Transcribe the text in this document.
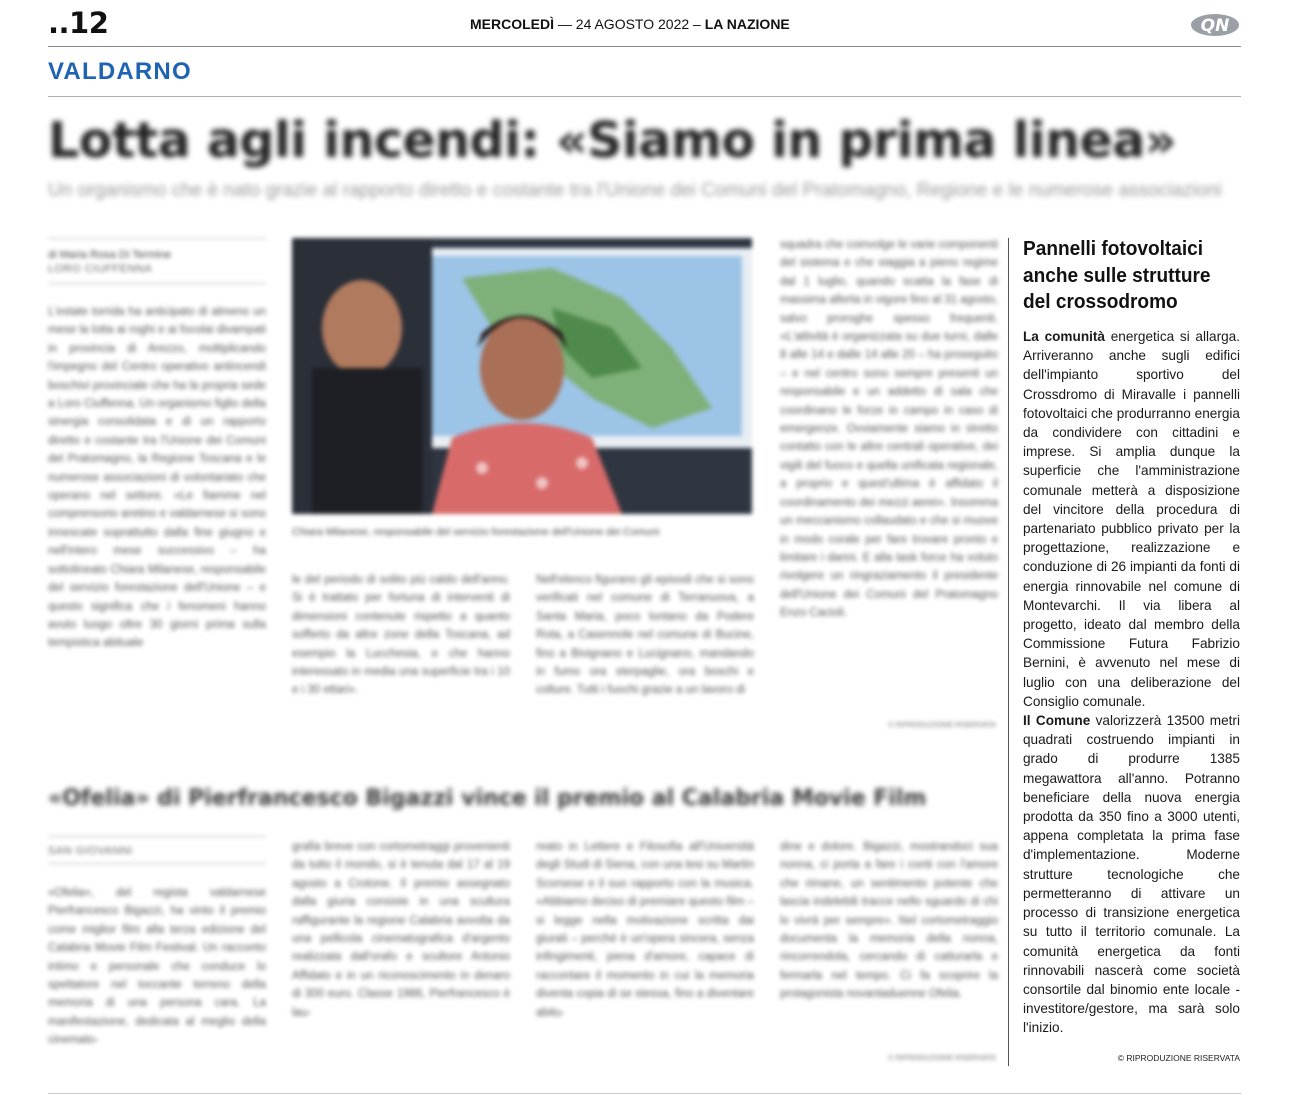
..12	MERCOLEDÌ — 24 AGOSTO 2022 – LA NAZIONE	QN
VALDARNO
Lotta agli incendi: «Siamo in prima linea»
Un organismo che è nato grazie al rapporto diretto e costante tra l'Unione dei Comuni del Pratomagno, Regione e le numerose associazioni
di Maria Rosa Di Termine
LORO CIUFFENNA
L'estate torrida ha anticipato di almeno un mese la lotta ai roghi e ai focolai divampati in provincia di Arezzo, moltiplicando l'impegno del Centro operativo antincendi boschivi provinciale che ha la propria sede a Loro Ciuffenna. Un organismo figlio della sinergia consolidata e di un rapporto diretto e costante tra l'Unione dei Comuni del Pratomagno, la Regione Toscana e le numerose associazioni di volontariato che operano nel settore. «Le fiamme nel comprensorio aretino e valdarnese si sono innescate soprattutto dalla fine giugno e nell'intero mese successivo – ha sottolineato Chiara Milanese, responsabile del servizio forestazione dell'Unione – e questo significa che i fenomeni hanno avuto luogo oltre 30 giorni prima sulla tempistica abituale
Chiara Milanese, responsabile del servizio forestazione dell'Unione dei Comuni
le del periodo di solito più caldo dell'anno. Si è trattato per fortuna di interventi di dimensioni contenute rispetto a quanto sofferto da altre zone della Toscana, ad esempio la Lucchesia, e che hanno interessato in media una superficie tra i 10 e i 30 ettari».
Nell'elenco figurano gli episodi che si sono verificati nel comune di Terranuova, a Santa Maria, poco lontano da Podere Rota, a Casennole nel comune di Bucine, fino a Bivignano e Lucignano, mandando in fumo ora sterpaglie, ora boschi e colture. Tutti i fuochi grazie a un lavoro di
squadra che coinvolge le varie componenti del sistema e che viaggia a pieno regime dal 1 luglio, quando scatta la fase di massima allerta in vigore fino al 31 agosto, salvo proroghe spesso frequenti. «L'attività è organizzata su due turni, dalle 8 alle 14 e dalle 14 alle 20 – ha proseguito – e nel centro sono sempre presenti un responsabile e un addetto di sala che coordinano le forze in campo in caso di emergenze. Ovviamente siamo in stretto contatto con le altre centrali operative, dei vigili del fuoco e quella unificata regionale, a proprio e quest'ultima è affidato il coordinamento dei mezzi aerei». Insomma un meccanismo collaudato e che si muove in modo corale per fare trovare pronto e limitare i danni. E alla task force ha voluto rivolgere un ringraziamento il presidente dell'Unione dei Comuni del Pratomagno Enzo Cacioli.
© RIPRODUZIONE RISERVATA
«Ofelia» di Pierfrancesco Bigazzi vince il premio al Calabria Movie Film
SAN GIOVANNI
«Ofelia», del regista valdarnese Pierfrancesco Bigazzi, ha vinto il premio come miglior film alla terza edizione del Calabria Movie Film Festival. Un racconto intimo e personale che conduce lo spettatore nel toccante terreno della memoria di una persona cara. La manifestazione, dedicata al meglio della cinemato-
grafia breve con cortometraggi provenienti da tutto il mondo, si è tenuta dal 17 al 19 agosto a Crotone. Il premio assegnato dalla giuria consiste in una scultura raffigurante la regione Calabria avvolta da una pellicola cinematografica d'argento realizzata dall'orafo e scultore Antonio Affidato e in un riconoscimento in denaro di 300 euro. Classe 1986, Pierfrancesco è lau-
reato in Lettere e Filosofia all'Università degli Studi di Siena, con una tesi su Martin Scorsese e il suo rapporto con la musica. «Abbiamo deciso di premiare questo film – si legge nella motivazione scritta dai giurati – perché è un'opera sincera, senza infingimenti, piena d'amore, capace di raccontare il momento in cui la memoria diventa copia di se stessa, fino a diventare abitu-
dine e dolore. Bigazzi, mostrandoci sua nonna, ci porta a fare i conti con l'amore che rimane, un sentimento potente che lascia indelebili tracce nello sguardo di chi lo vivrà per sempre». Nel cortometraggio documenta la memoria della nonna, rincorrendola, cercando di catturarla e fermarla nel tempo. Ci fa scoprire la protagonista novantaduenne Ofelia.
© RIPRODUZIONE RISERVATA
Pannelli fotovoltaici anche sulle strutture del crossodromo

La comunità energetica si allarga. Arriveranno anche sugli edifici dell'impianto sportivo del Crossdromo di Miravalle i pannelli fotovoltaici che produrranno energia da condividere con cittadini e imprese. Si amplia dunque la superficie che l'amministrazione comunale metterà a disposizione del vincitore della procedura di partenariato pubblico privato per la progettazione, realizzazione e conduzione di 26 impianti da fonti di energia rinnovabile nel comune di Montevarchi. Il via libera al progetto, ideato dal membro della Commissione Futura Fabrizio Bernini, è avvenuto nel mese di luglio con una deliberazione del Consiglio comunale.

Il Comune valorizzerà 13500 metri quadrati costruendo impianti in grado di produrre 1385 megawattora all'anno. Potranno beneficiare della nuova energia prodotta da 350 fino a 3000 utenti, appena completata la prima fase d'implementazione. Moderne strutture tecnologiche che permetteranno di attivare un processo di transizione energetica su tutto il territorio comunale. La comunità energetica da fonti rinnovabili nascerà come società consortile dal binomio ente locale - investitore/gestore, ma sarà solo l'inizio.

© RIPRODUZIONE RISERVATA
